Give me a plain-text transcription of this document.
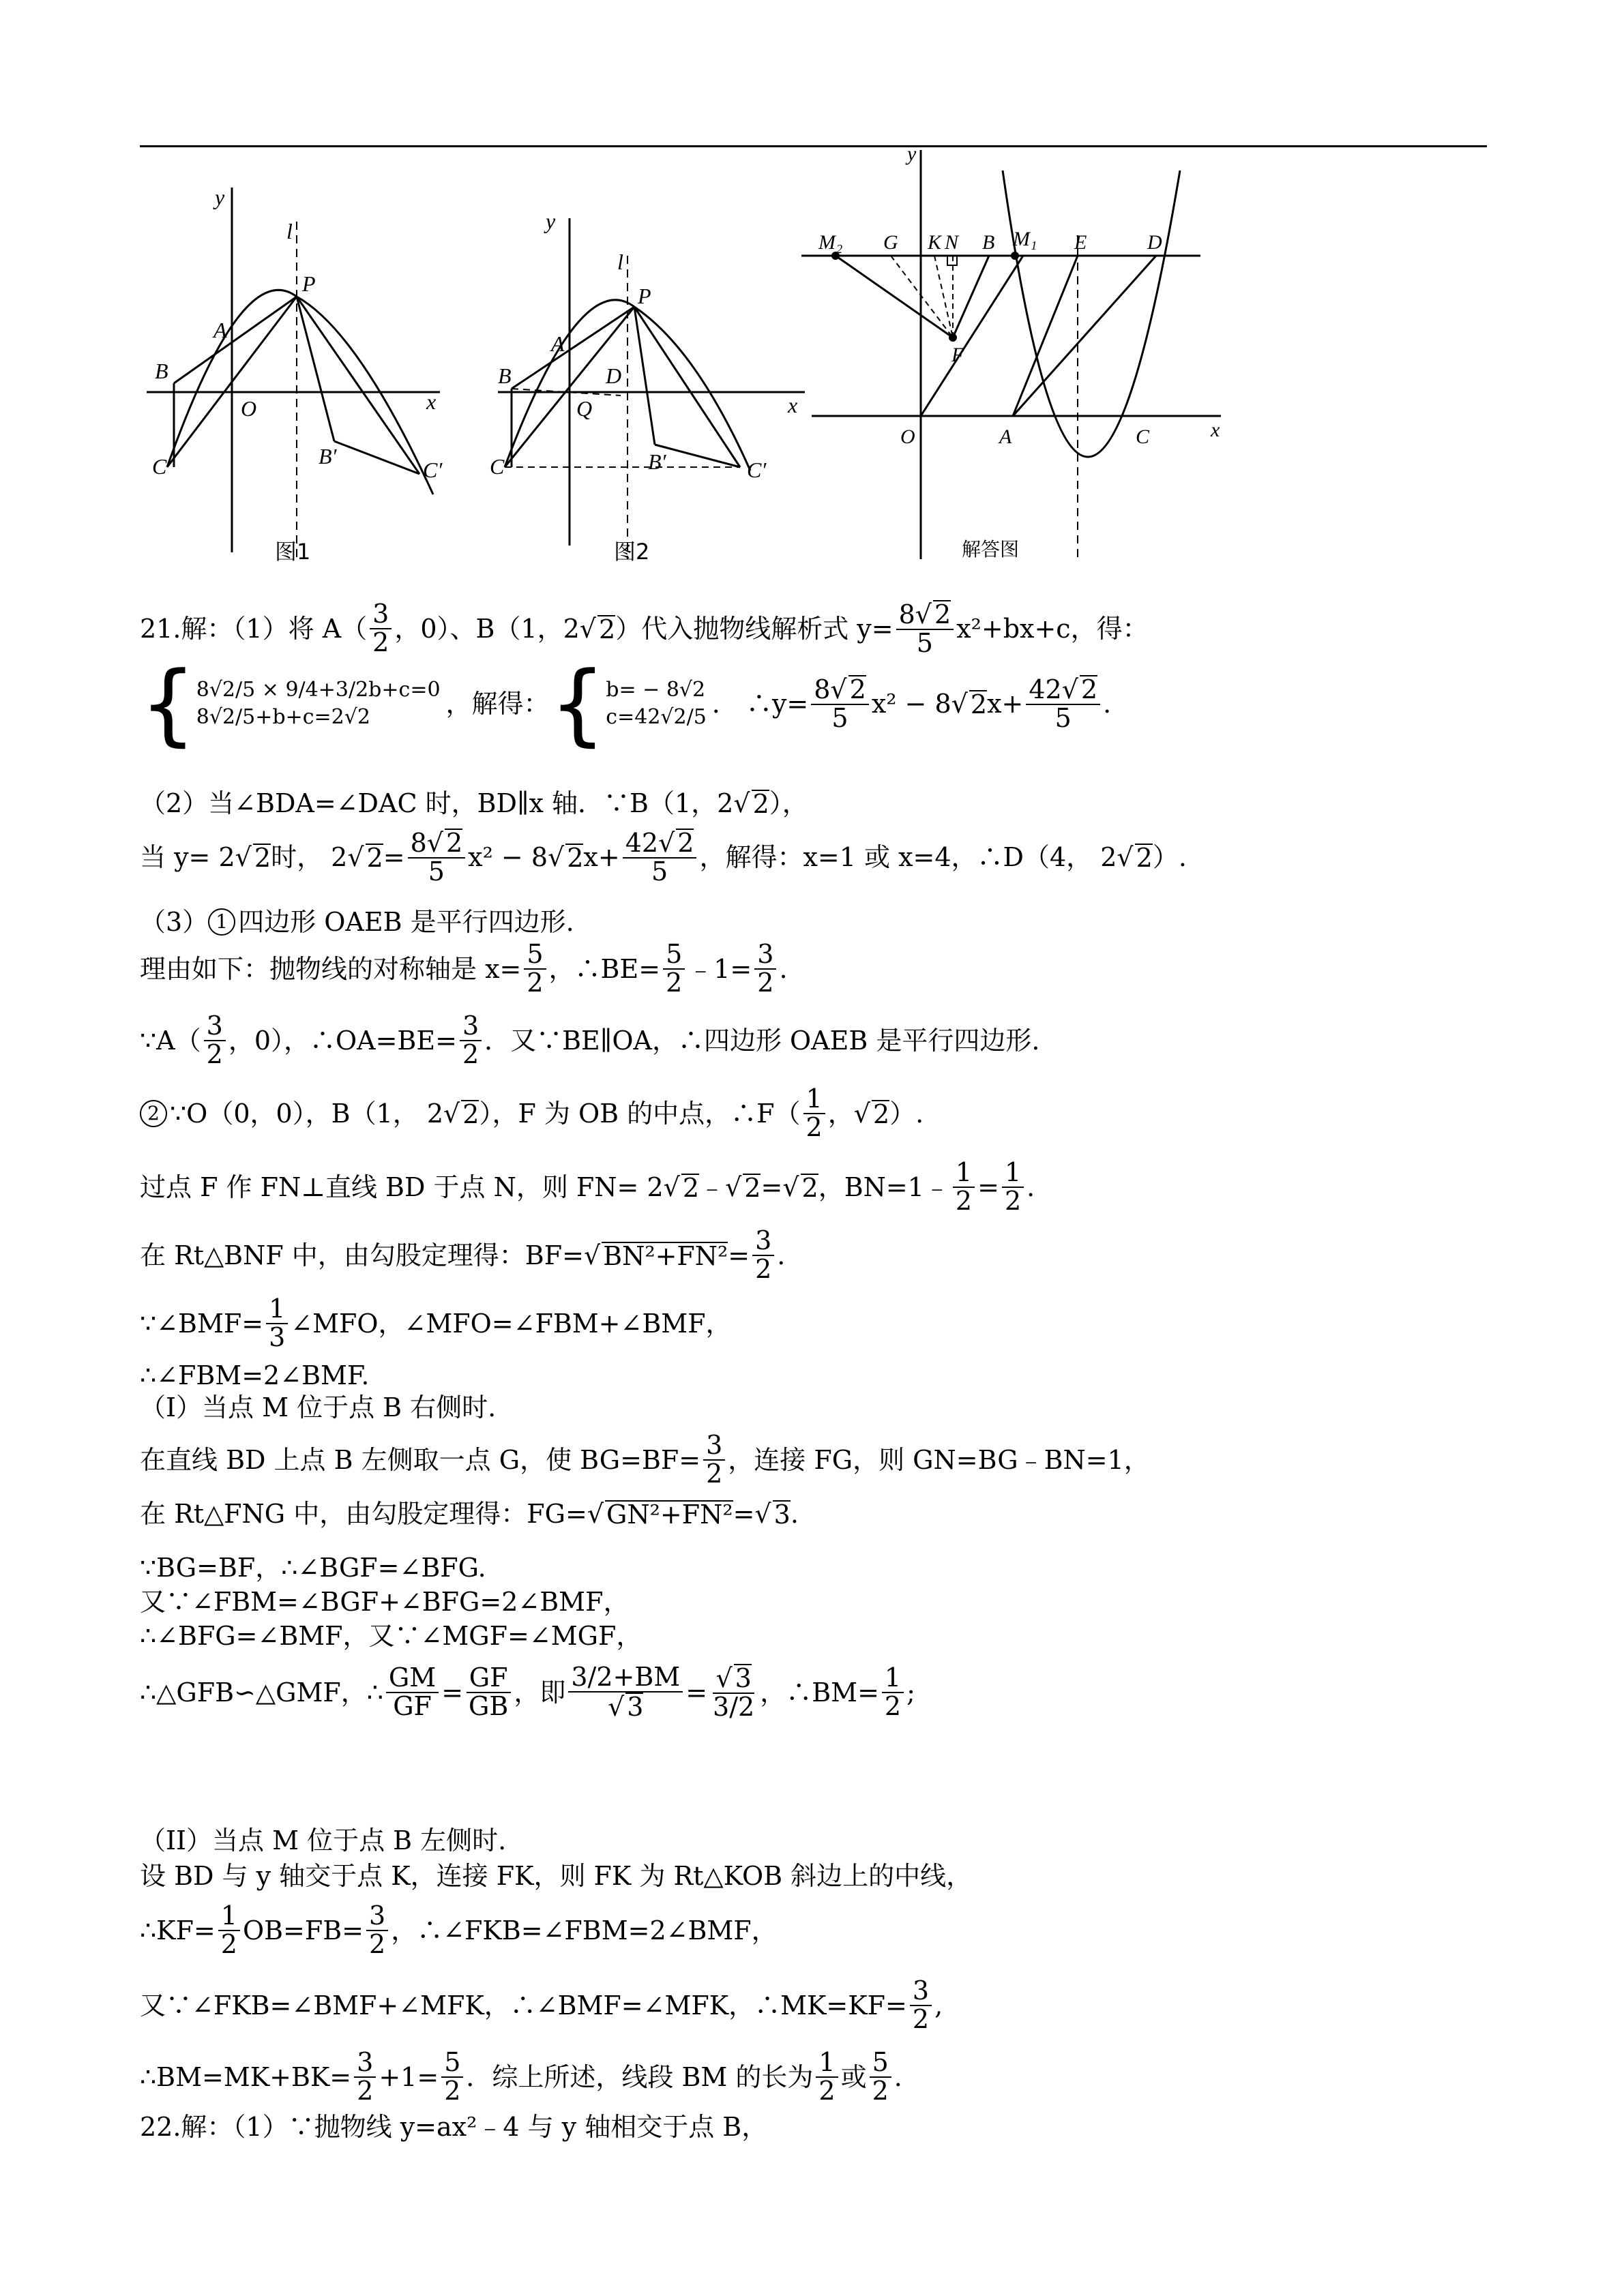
y
x
l
P
A
B
O
C	B′
C′
图1
y
x
l
P
A
B	D
Q
C	B′	C′
图2
y
x
O	A	C
M₂ G K N B M₁ E	D
F
解答图
21.解：（1）将 $A( \frac{3}{2}$ ，0）、B（1， 2 √ 2 ）代入抛物线解析式 $y= \frac{8√ 2}{5} x^2+bx+c$，得：
{ 8√2/5 × 9/4+3/2b+c=0
8√2/5+b+c=2√2	，解得： { b= − 8√2
c=42√2/5 ． ∴y= $\frac{8√ 2}{5} x^2 - 8$ √ 2 $x+ \frac{42√ 2}{5}$ .
（2）当∠BDA=∠DAC 时，BD∥x 轴．∵B（1， 2 √ 2 ），
当 y= 2 √ 2 时， 2 √ $2 = \frac{8√ 2}{5} x^2 - 8$ √ 2 $x+ \frac{42√ 2}{5}$ ，解得：x=1 或 x=4，∴D（4， 2 √ 2 ）.
（3） 1 四边形 OAEB 是平行四边形.
理由如下：抛物线的对称轴是 $x= \frac{5}{2}$ ，∴BE= $\frac{5}{2}$ ﹣1= $\frac{3}{2}$ .
∵A（ $\frac{3}{2}$ ，0），∴OA=BE= $\frac{3}{2}$ ．又∵BE∥OA，∴四边形 OAEB 是平行四边形.
2 ∵O（0，0），B（1， 2 √ 2 ），F 为 OB 的中点，∴F（ $\frac{1}{2}$ ， √ 2 ）.
过点 F 作 FN⊥直线 BD 于点 N，则 FN= 2 √ 2 ﹣ √ 2 = √ 2 ，BN=1﹣ $\frac{1}{2} = \frac{1}{2}$ .
在 Rt△BNF 中，由勾股定理得：BF= √ $BN^2+FN^2 = \frac{3}{2}$ .
∵∠BMF= $\frac{1}{3}$ ∠MFO，∠MFO=∠FBM+∠BMF，
∴∠FBM=2∠BMF.
（I）当点 M 位于点 B 右侧时.
在直线 BD 上点 B 左侧取一点 G，使 $BG=BF= \frac{3}{2}$ ，连接 FG，则 GN=BG﹣BN=1，
在 Rt△FNG 中，由勾股定理得：FG= √ GN²+FN² = √ 3 .
∵BG=BF，∴∠BGF=∠BFG.
又∵∠FBM=∠BGF+∠BFG=2∠BMF，
∴∠BFG=∠BMF，又∵∠MGF=∠MGF，
∴△GFB∽△GMF，∴ $\frac{GM}{GF} = \frac{GF}{GB}$ ，即 $\frac{3/2+BM}{√ 3} = \frac{√ 3}{3/2}$ ，∴BM= $\frac{1}{2}$ ;
（II）当点 M 位于点 B 左侧时.
设 BD 与 y 轴交于点 K，连接 FK，则 FK 为 Rt△KOB 斜边上的中线，
∴KF= $\frac{1}{2} OB=FB= \frac{3}{2}$ ，∴∠FKB=∠FBM=2∠BMF，
又∵∠FKB=∠BMF+∠MFK，∴∠BMF=∠MFK，∴MK=KF= $\frac{3}{2}$ ,
∴BM=MK+BK= $\frac{3}{2} +1= \frac{5}{2}$ ．综上所述，线段 BM 的长为 $\frac{1}{2}$ 或 $\frac{5}{2}$ .
22.解：（1）∵抛物线 y=ax²﹣4 与 y 轴相交于点 B，
